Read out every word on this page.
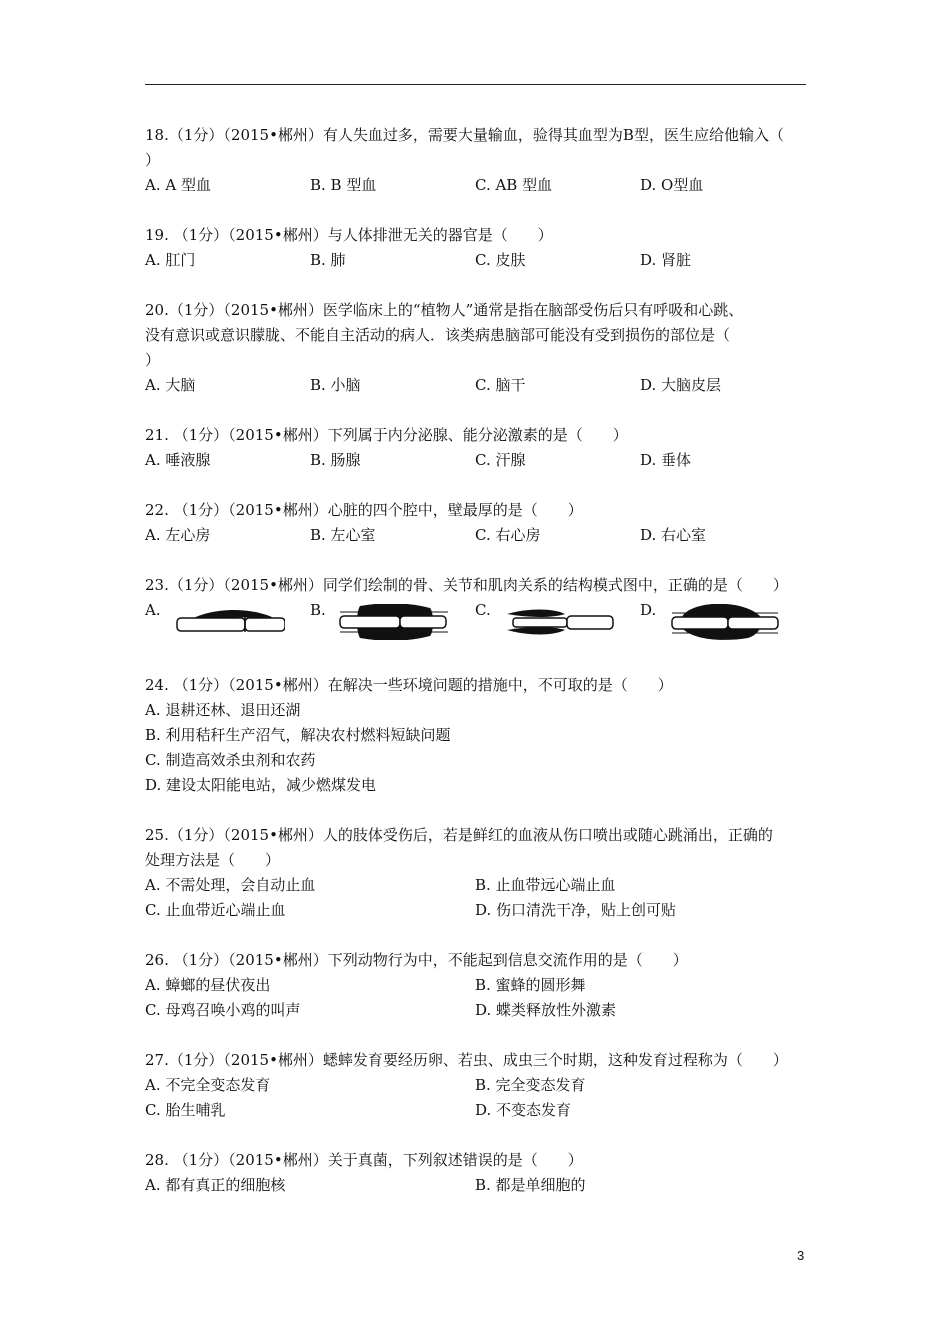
18.（1分）（2015•郴州）有人失血过多，需要大量输血，验得其血型为B型，医生应给他输入（
）
A. A 型血	B. B 型血	C. AB 型血	D. O型血
19. （1分）（2015•郴州）与人体排泄无关的器官是（　　）
A. 肛门	B. 肺	C. 皮肤	D. 肾脏
20.（1分）（2015•郴州）医学临床上的“植物人”通常是指在脑部受伤后只有呼吸和心跳、
没有意识或意识朦胧、不能自主活动的病人．该类病患脑部可能没有受到损伤的部位是（
）
A. 大脑	B. 小脑	C. 脑干	D. 大脑皮层
21. （1分）（2015•郴州）下列属于内分泌腺、能分泌激素的是（　　）
A. 唾液腺	B. 肠腺	C. 汗腺	D. 垂体
22. （1分）（2015•郴州）心脏的四个腔中，壁最厚的是（　　）
A. 左心房	B. 左心室	C. 右心房	D. 右心室
23.（1分）（2015•郴州）同学们绘制的骨、关节和肌肉关系的结构模式图中，正确的是（　　）
A.	B.	C.	D.
24. （1分）（2015•郴州）在解决一些环境问题的措施中，不可取的是（　　）
A. 退耕还林、退田还湖
B. 利用秸秆生产沼气，解决农村燃料短缺问题
C. 制造高效杀虫剂和农药
D. 建设太阳能电站，减少燃煤发电
25.（1分）（2015•郴州）人的肢体受伤后，若是鲜红的血液从伤口喷出或随心跳涌出，正确的
处理方法是（　　）
A. 不需处理，会自动止血	B. 止血带远心端止血
C. 止血带近心端止血	D. 伤口清洗干净，贴上创可贴
26. （1分）（2015•郴州）下列动物行为中，不能起到信息交流作用的是（　　）
A. 蟑螂的昼伏夜出	B. 蜜蜂的圆形舞
C. 母鸡召唤小鸡的叫声	D. 蝶类释放性外激素
27.（1分）（2015•郴州）蟋蟀发育要经历卵、若虫、成虫三个时期，这种发育过程称为（　　）
A. 不完全变态发育	B. 完全变态发育
C. 胎生哺乳	D. 不变态发育
28. （1分）（2015•郴州）关于真菌，下列叙述错误的是（　　）
A. 都有真正的细胞核	B. 都是单细胞的
3
